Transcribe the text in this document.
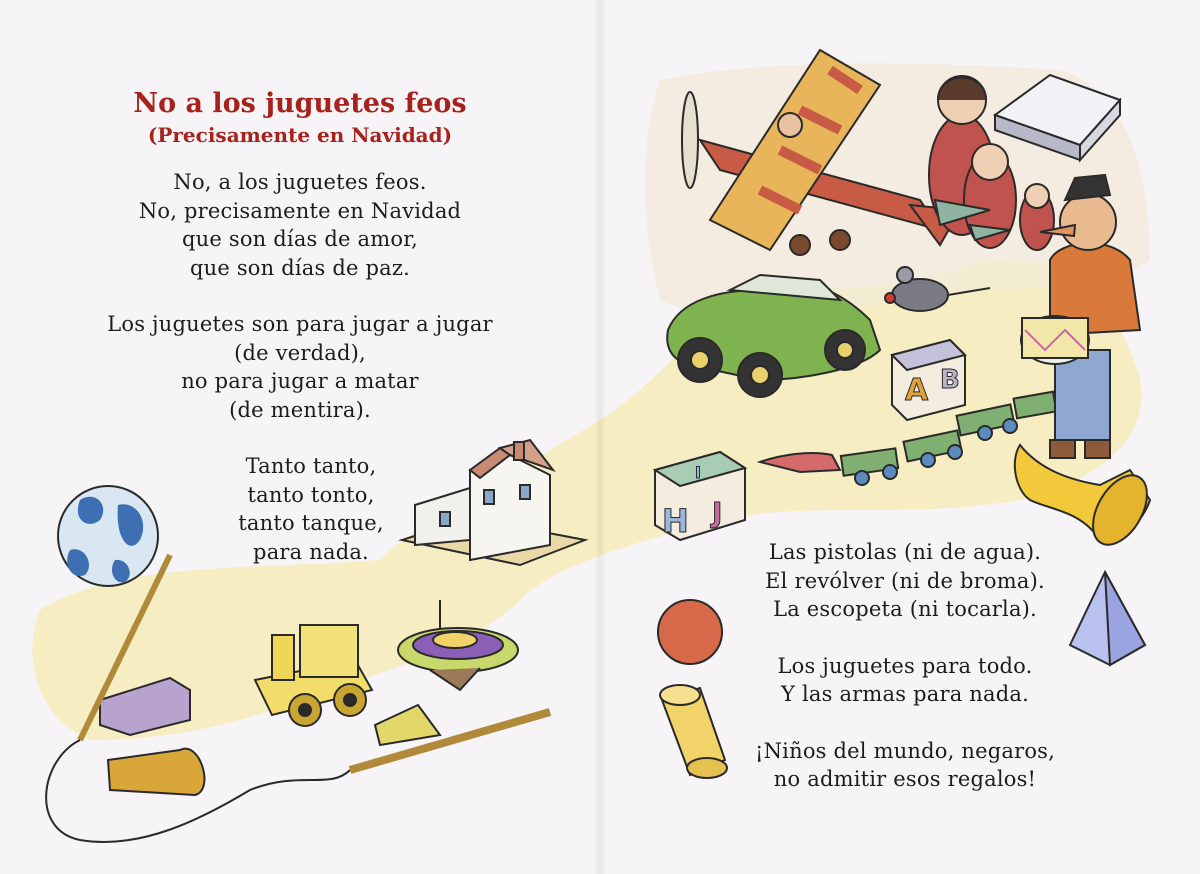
A B
H
I
J
No a los juguetes feos
(Precisamente en Navidad)
No, a los juguetes feos.
No, precisamente en Navidad
que son días de amor,
que son días de paz.
Los juguetes son para jugar a jugar
(de verdad),
no para jugar a matar
(de mentira).
Tanto tanto,
tanto tonto,
tanto tanque,
para nada.	Las pistolas (ni de agua).
El revólver (ni de broma).
La escopeta (ni tocarla).
Los juguetes para todo.
Y las armas para nada.
¡Niños del mundo, negaros,
no admitir esos regalos!
